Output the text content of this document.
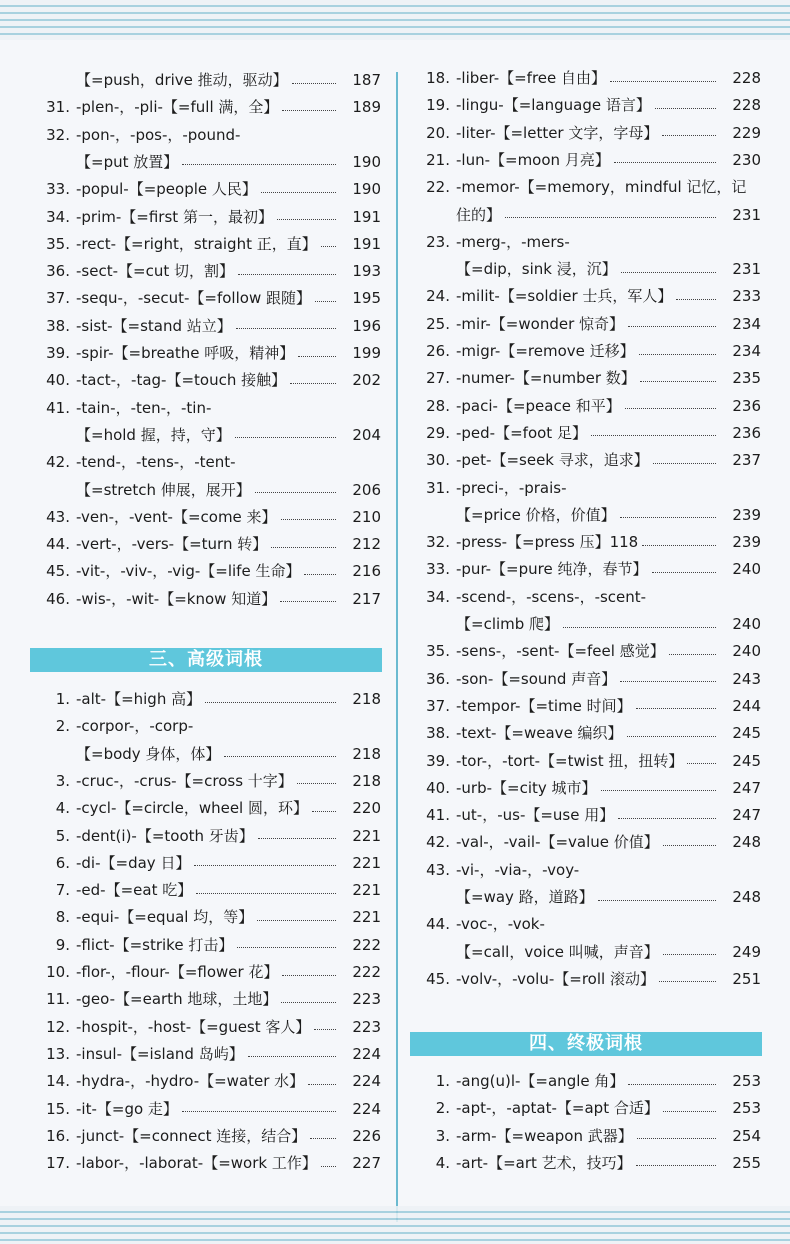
【=push，drive 推动，驱动】	187
31. -plen-，-pli-【=full 满，全】	189
32. -pon-，-pos-，-pound-
【=put 放置】	190
33. -popul-【=people 人民】	190
34. -prim-【=first 第一，最初】	191
35. -rect-【=right，straight 正，直】	191
36. -sect-【=cut 切，割】	193
37. -sequ-，-secut-【=follow 跟随】	195
38. -sist-【=stand 站立】	196
39. -spir-【=breathe 呼吸，精神】	199
40. -tact-，-tag-【=touch 接触】	202
41. -tain-，-ten-，-tin-
【=hold 握，持，守】	204
42. -tend-，-tens-，-tent-
【=stretch 伸展，展开】	206
43. -ven-，-vent-【=come 来】	210
44. -vert-，-vers-【=turn 转】	212
45. -vit-，-viv-，-vig-【=life 生命】	216
46. -wis-，-wit-【=know 知道】	217
三、高级词根
1. -alt-【=high 高】	218
2. -corpor-，-corp-
【=body 身体，体】	218
3. -cruc-，-crus-【=cross 十字】	218
4. -cycl-【=circle，wheel 圆，环】	220
5. -dent(i)-【=tooth 牙齿】	221
6. -di-【=day 日】	221
7. -ed-【=eat 吃】	221
8. -equi-【=equal 均，等】	221
9. -flict-【=strike 打击】	222
10. -flor-，-flour-【=flower 花】	222
11. -geo-【=earth 地球，土地】	223
12. -hospit-，-host-【=guest 客人】	223
13. -insul-【=island 岛屿】	224
14. -hydra-，-hydro-【=water 水】	224
15. -it-【=go 走】	224
16. -junct-【=connect 连接，结合】	226
17. -labor-，-laborat-【=work 工作】	227
18. -liber-【=free 自由】	228
19. -lingu-【=language 语言】	228
20. -liter-【=letter 文字，字母】	229
21. -lun-【=moon 月亮】	230
22. -memor-【=memory，mindful 记忆，记
住的】	231
23. -merg-，-mers-
【=dip，sink 浸，沉】	231
24. -milit-【=soldier 士兵，军人】	233
25. -mir-【=wonder 惊奇】	234
26. -migr-【=remove 迁移】	234
27. -numer-【=number 数】	235
28. -paci-【=peace 和平】	236
29. -ped-【=foot 足】	236
30. -pet-【=seek 寻求，追求】	237
31. -preci-，-prais-
【=price 价格，价值】	239
32. -press-【=press 压】118	239
33. -pur-【=pure 纯净，春节】	240
34. -scend-，-scens-，-scent-
【=climb 爬】	240
35. -sens-，-sent-【=feel 感觉】	240
36. -son-【=sound 声音】	243
37. -tempor-【=time 时间】	244
38. -text-【=weave 编织】	245
39. -tor-，-tort-【=twist 扭，扭转】	245
40. -urb-【=city 城市】	247
41. -ut-，-us-【=use 用】	247
42. -val-，-vail-【=value 价值】	248
43. -vi-，-via-，-voy-
【=way 路，道路】	248
44. -voc-，-vok-
【=call，voice 叫喊，声音】	249
45. -volv-，-volu-【=roll 滚动】	251
四、终极词根
1. -ang(u)l-【=angle 角】	253
2. -apt-，-aptat-【=apt 合适】	253
3. -arm-【=weapon 武器】	254
4. -art-【=art 艺术，技巧】	255
